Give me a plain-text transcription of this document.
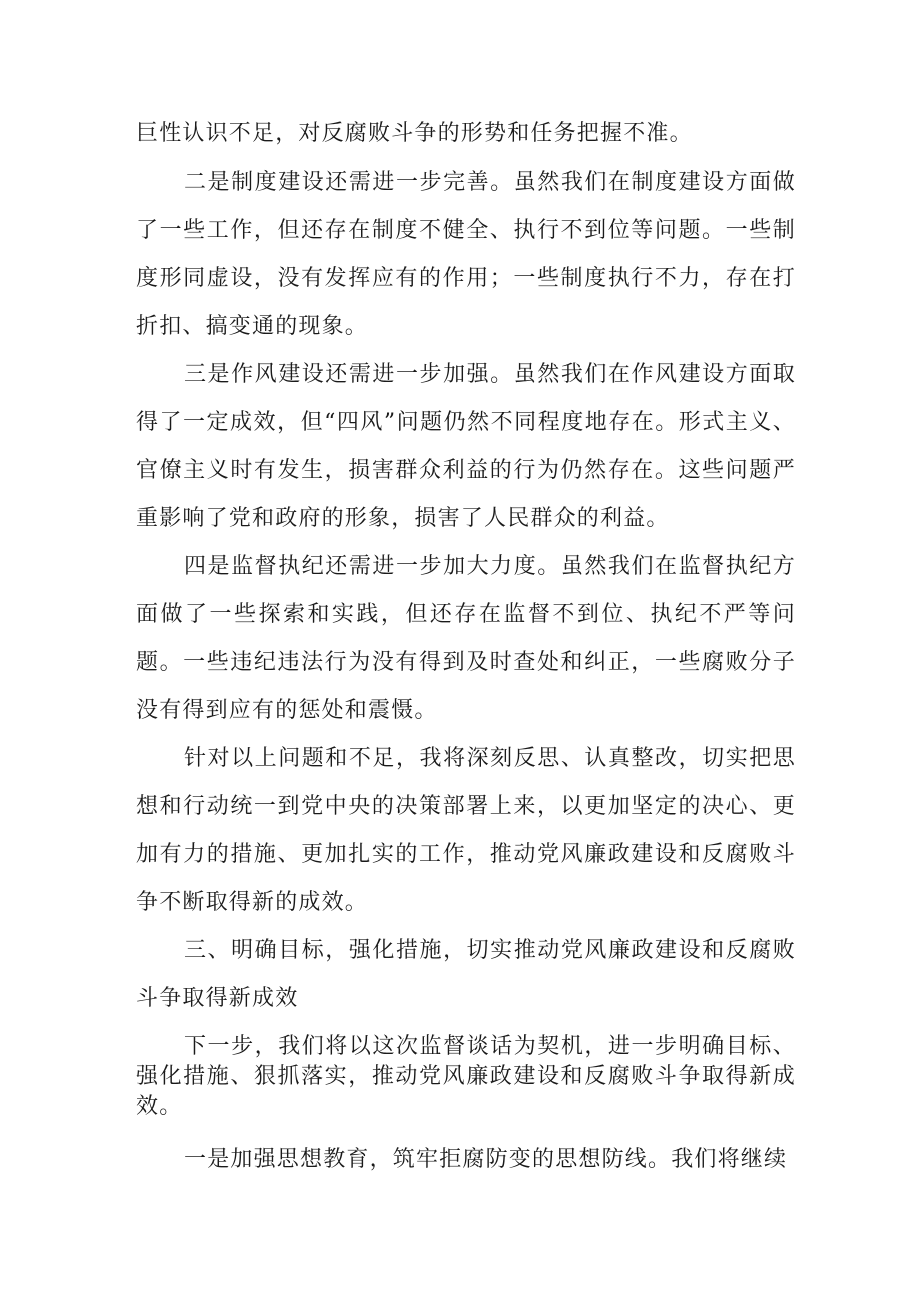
巨性认识不足，对反腐败斗争的形势和任务把握不准。

二是制度建设还需进一步完善。虽然我们在制度建设方面做了一些工作，但还存在制度不健全、执行不到位等问题。一些制度形同虚设，没有发挥应有的作用；一些制度执行不力，存在打折扣、搞变通的现象。

三是作风建设还需进一步加强。虽然我们在作风建设方面取得了一定成效，但“四风”问题仍然不同程度地存在。形式主义、官僚主义时有发生，损害群众利益的行为仍然存在。这些问题严重影响了党和政府的形象，损害了人民群众的利益。

四是监督执纪还需进一步加大力度。虽然我们在监督执纪方面做了一些探索和实践，但还存在监督不到位、执纪不严等问题。一些违纪违法行为没有得到及时查处和纠正，一些腐败分子没有得到应有的惩处和震慑。

针对以上问题和不足，我将深刻反思、认真整改，切实把思想和行动统一到党中央的决策部署上来，以更加坚定的决心、更加有力的措施、更加扎实的工作，推动党风廉政建设和反腐败斗争不断取得新的成效。

三、明确目标，强化措施，切实推动党风廉政建设和反腐败斗争取得新成效

下一步，我们将以这次监督谈话为契机，进一步明确目标、强化措施、狠抓落实，推动党风廉政建设和反腐败斗争取得新成效。

一是加强思想教育，筑牢拒腐防变的思想防线。我们将继续
